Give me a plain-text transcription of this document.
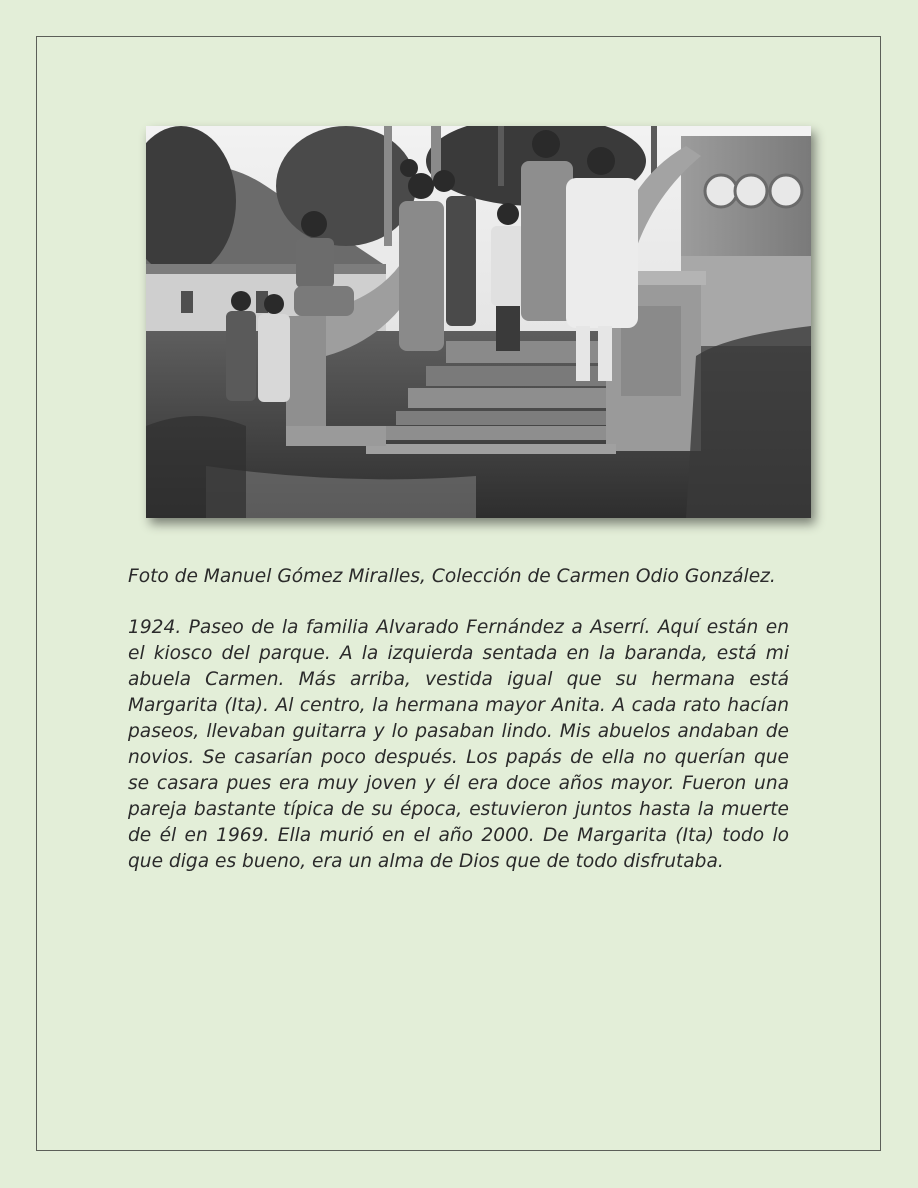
Foto de Manuel Gómez Miralles, Colección de Carmen Odio González.

1924. Paseo de la familia Alvarado Fernández a Aserrí. Aquí están en el kiosco del parque. A la izquierda sentada en la baranda, está mi abuela Carmen. Más arriba, vestida igual que su hermana está Margarita (Ita). Al centro, la hermana mayor Anita. A cada rato hacían paseos, llevaban guitarra y lo pasaban lindo. Mis abuelos andaban de novios. Se casarían poco después. Los papás de ella no querían que se casara pues era muy joven y él era doce años mayor. Fueron una pareja bastante típica de su época, estuvieron juntos hasta la muerte de él en 1969. Ella murió en el año 2000. De Margarita (Ita) todo lo que diga es bueno, era un alma de Dios que de todo disfrutaba.
